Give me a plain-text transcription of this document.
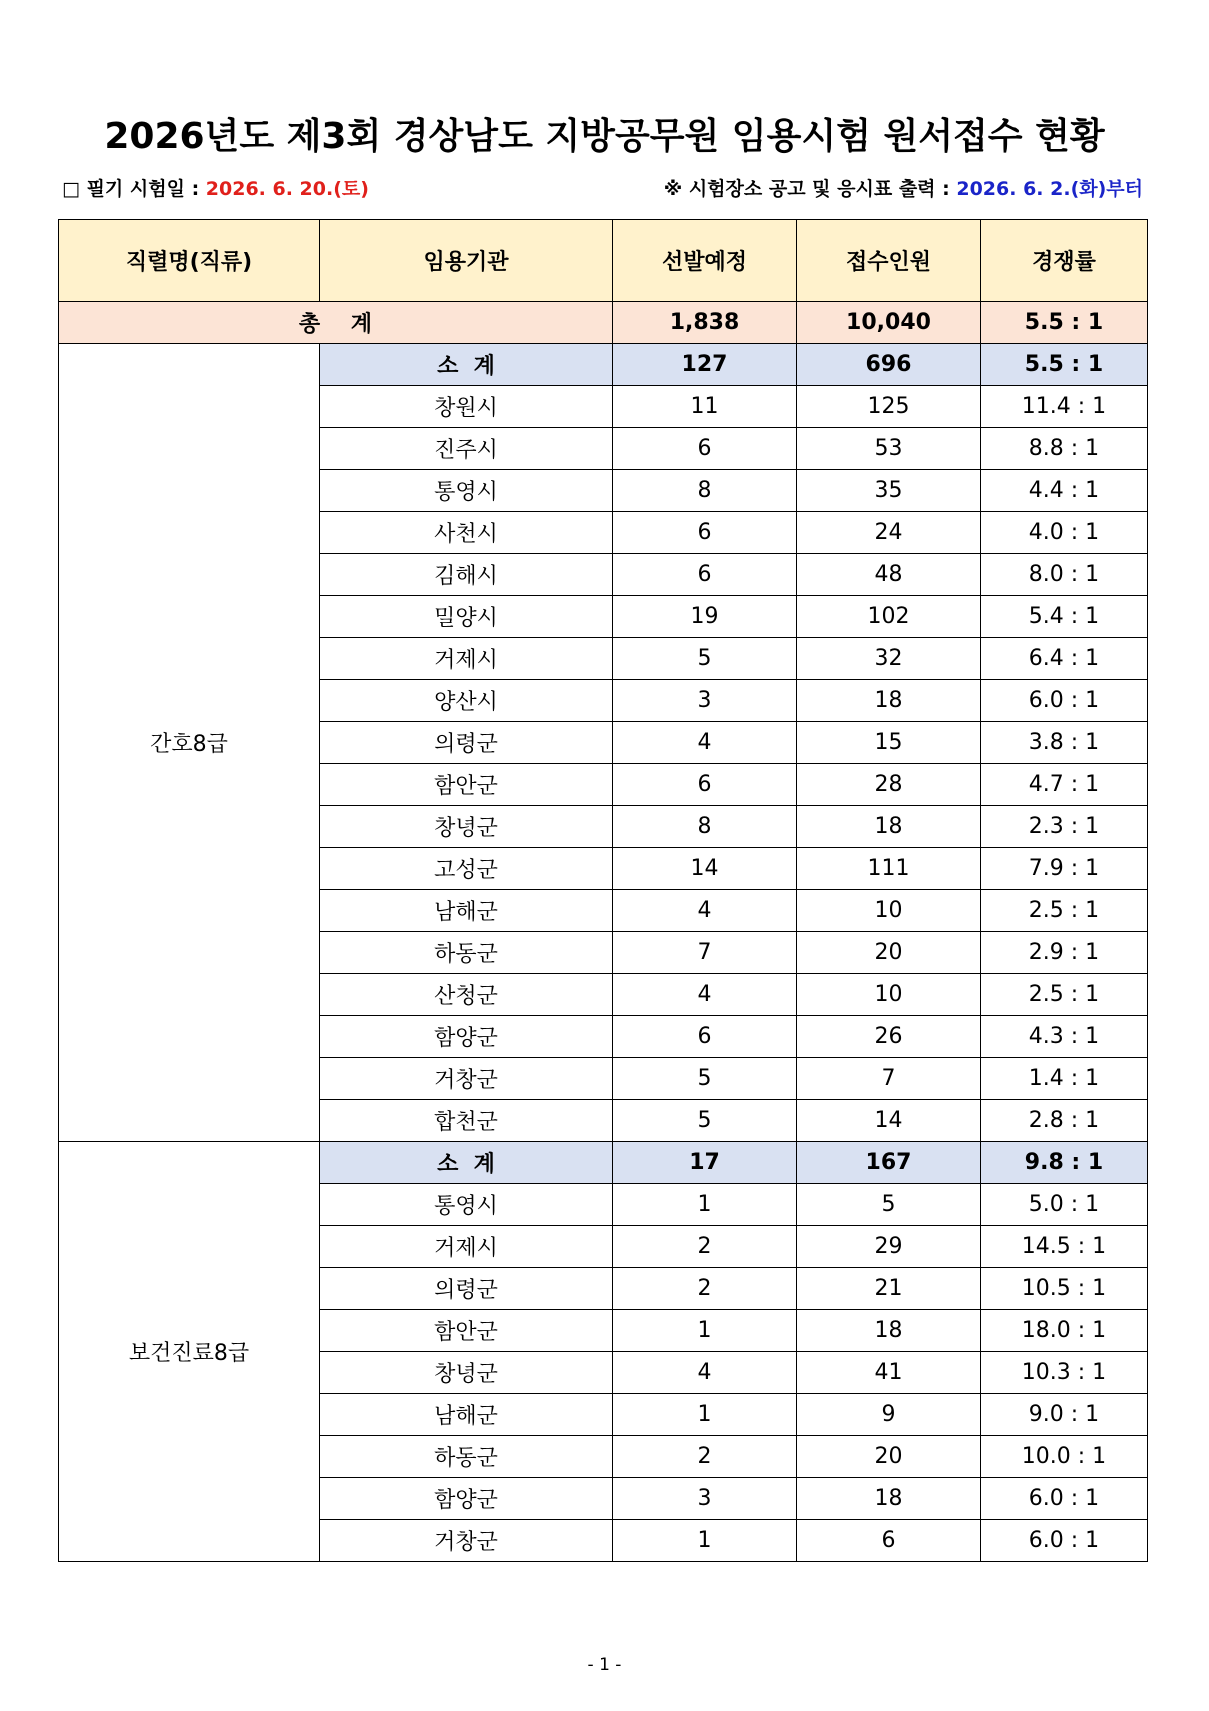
2026년도 제3회 경상남도 지방공무원 임용시험 원서접수 현황
□ 필기 시험일 : 2026. 6. 20.(토)	※ 시험장소 공고 및 응시표 출력 : 2026. 6. 2.(화)부터
직렬명(직류)	임용기관	선발예정	접수인원	경쟁률
총    계		1,838	10,040	5.5 : 1
간호8급	소  계	127	696	5.5 : 1
	창원시	11	125	11.4 : 1
	진주시	6	53	8.8 : 1
	통영시	8	35	4.4 : 1
	사천시	6	24	4.0 : 1
	김해시	6	48	8.0 : 1
	밀양시	19	102	5.4 : 1
	거제시	5	32	6.4 : 1
	양산시	3	18	6.0 : 1
	의령군	4	15	3.8 : 1
	함안군	6	28	4.7 : 1
	창녕군	8	18	2.3 : 1
	고성군	14	111	7.9 : 1
	남해군	4	10	2.5 : 1
	하동군	7	20	2.9 : 1
	산청군	4	10	2.5 : 1
	함양군	6	26	4.3 : 1
	거창군	5	7	1.4 : 1
	합천군	5	14	2.8 : 1
보건진료8급	소  계	17	167	9.8 : 1
	통영시	1	5	5.0 : 1
	거제시	2	29	14.5 : 1
	의령군	2	21	10.5 : 1
	함안군	1	18	18.0 : 1
	창녕군	4	41	10.3 : 1
	남해군	1	9	9.0 : 1
	하동군	2	20	10.0 : 1
	함양군	3	18	6.0 : 1
	거창군	1	6	6.0 : 1
- 1 -
